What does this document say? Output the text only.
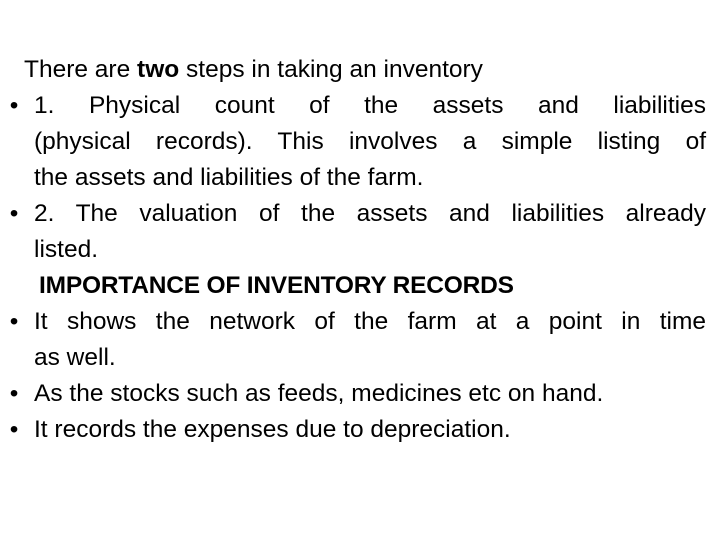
There are two steps in taking an inventory
• 1. Physical count of the assets and liabilities
(physical records). This involves a simple listing of
the assets and liabilities of the farm.
• 2. The valuation of the assets and liabilities already
listed.
IMPORTANCE OF INVENTORY RECORDS
• It shows the network of the farm at a point in time
as well.
• As the stocks such as feeds, medicines etc on hand.
• It records the expenses due to depreciation.
